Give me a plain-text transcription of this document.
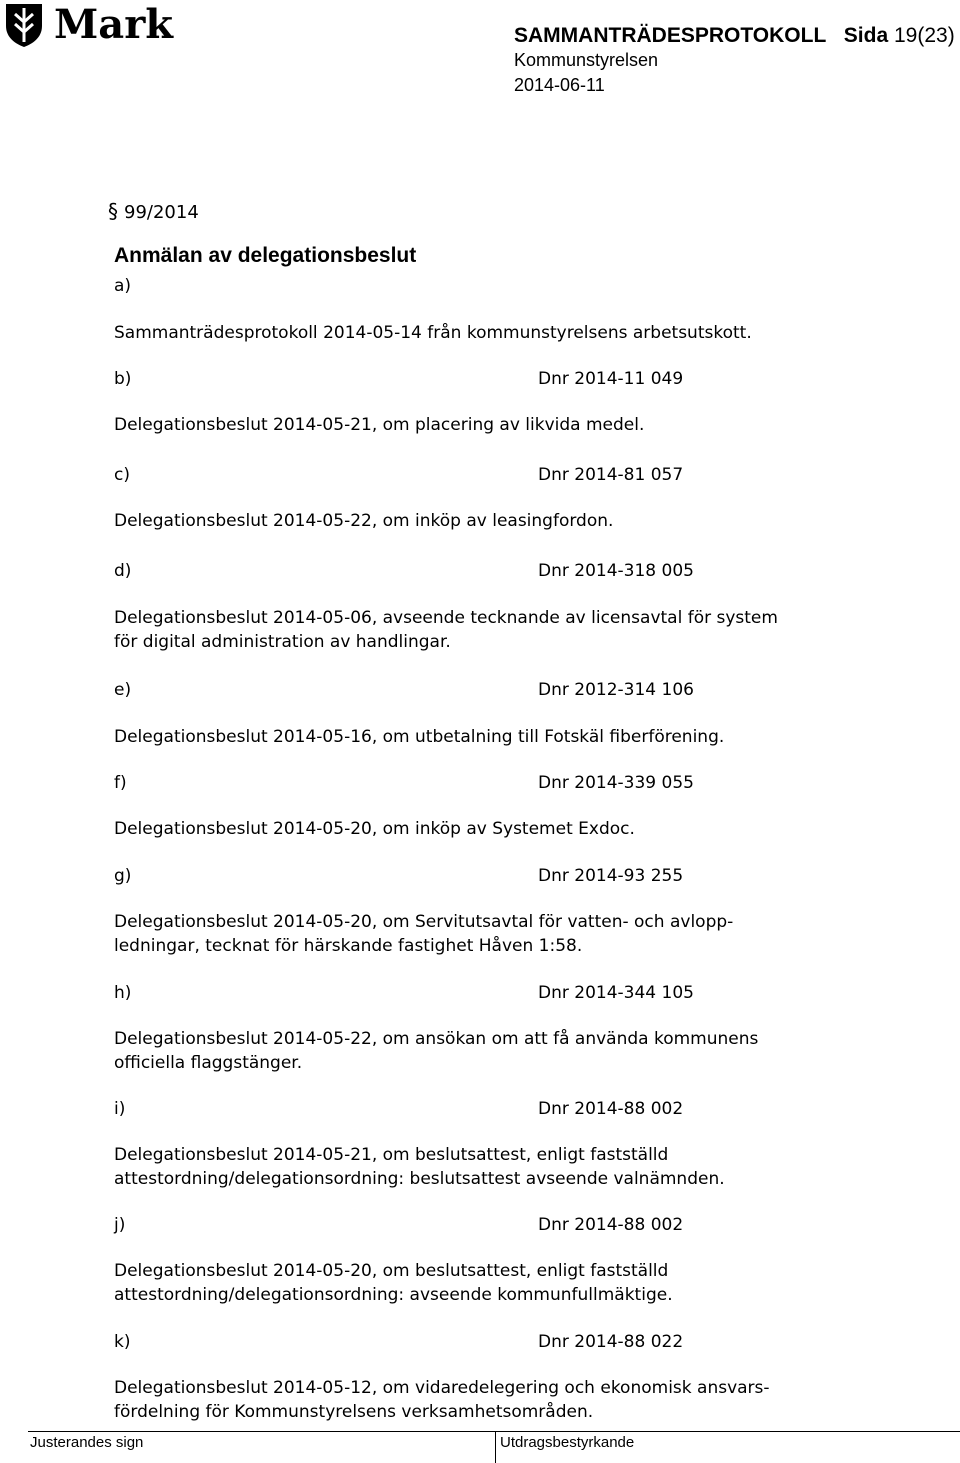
Mark	SAMMANTRÄDESPROTOKOLL Sida 19(23)
Kommunstyrelsen
2014-06-11
§ 99/2014
Anmälan av delegationsbeslut
a)
Sammanträdesprotokoll 2014-05-14 från kommunstyrelsens arbetsutskott.
b)	Dnr 2014-11 049
Delegationsbeslut 2014-05-21, om placering av likvida medel.
c)	Dnr 2014-81 057
Delegationsbeslut 2014-05-22, om inköp av leasingfordon.
d)	Dnr 2014-318 005
Delegationsbeslut 2014-05-06, avseende tecknande av licensavtal för system
för digital administration av handlingar.
e)	Dnr 2012-314 106
Delegationsbeslut 2014-05-16, om utbetalning till Fotskäl fiberförening.
f)	Dnr 2014-339 055
Delegationsbeslut 2014-05-20, om inköp av Systemet Exdoc.
g)	Dnr 2014-93 255
Delegationsbeslut 2014-05-20, om Servitutsavtal för vatten- och avlopp-
ledningar, tecknat för härskande fastighet Håven 1:58.
h)	Dnr 2014-344 105
Delegationsbeslut 2014-05-22, om ansökan om att få använda kommunens
officiella flaggstänger.
i)	Dnr 2014-88 002
Delegationsbeslut 2014-05-21, om beslutsattest, enligt fastställd
attestordning/delegationsordning: beslutsattest avseende valnämnden.
j)	Dnr 2014-88 002
Delegationsbeslut 2014-05-20, om beslutsattest, enligt fastställd
attestordning/delegationsordning: avseende kommunfullmäktige.
k)	Dnr 2014-88 022
Delegationsbeslut 2014-05-12, om vidaredelegering och ekonomisk ansvars-
fördelning för Kommunstyrelsens verksamhetsområden.
Justerandes sign	Utdragsbestyrkande
